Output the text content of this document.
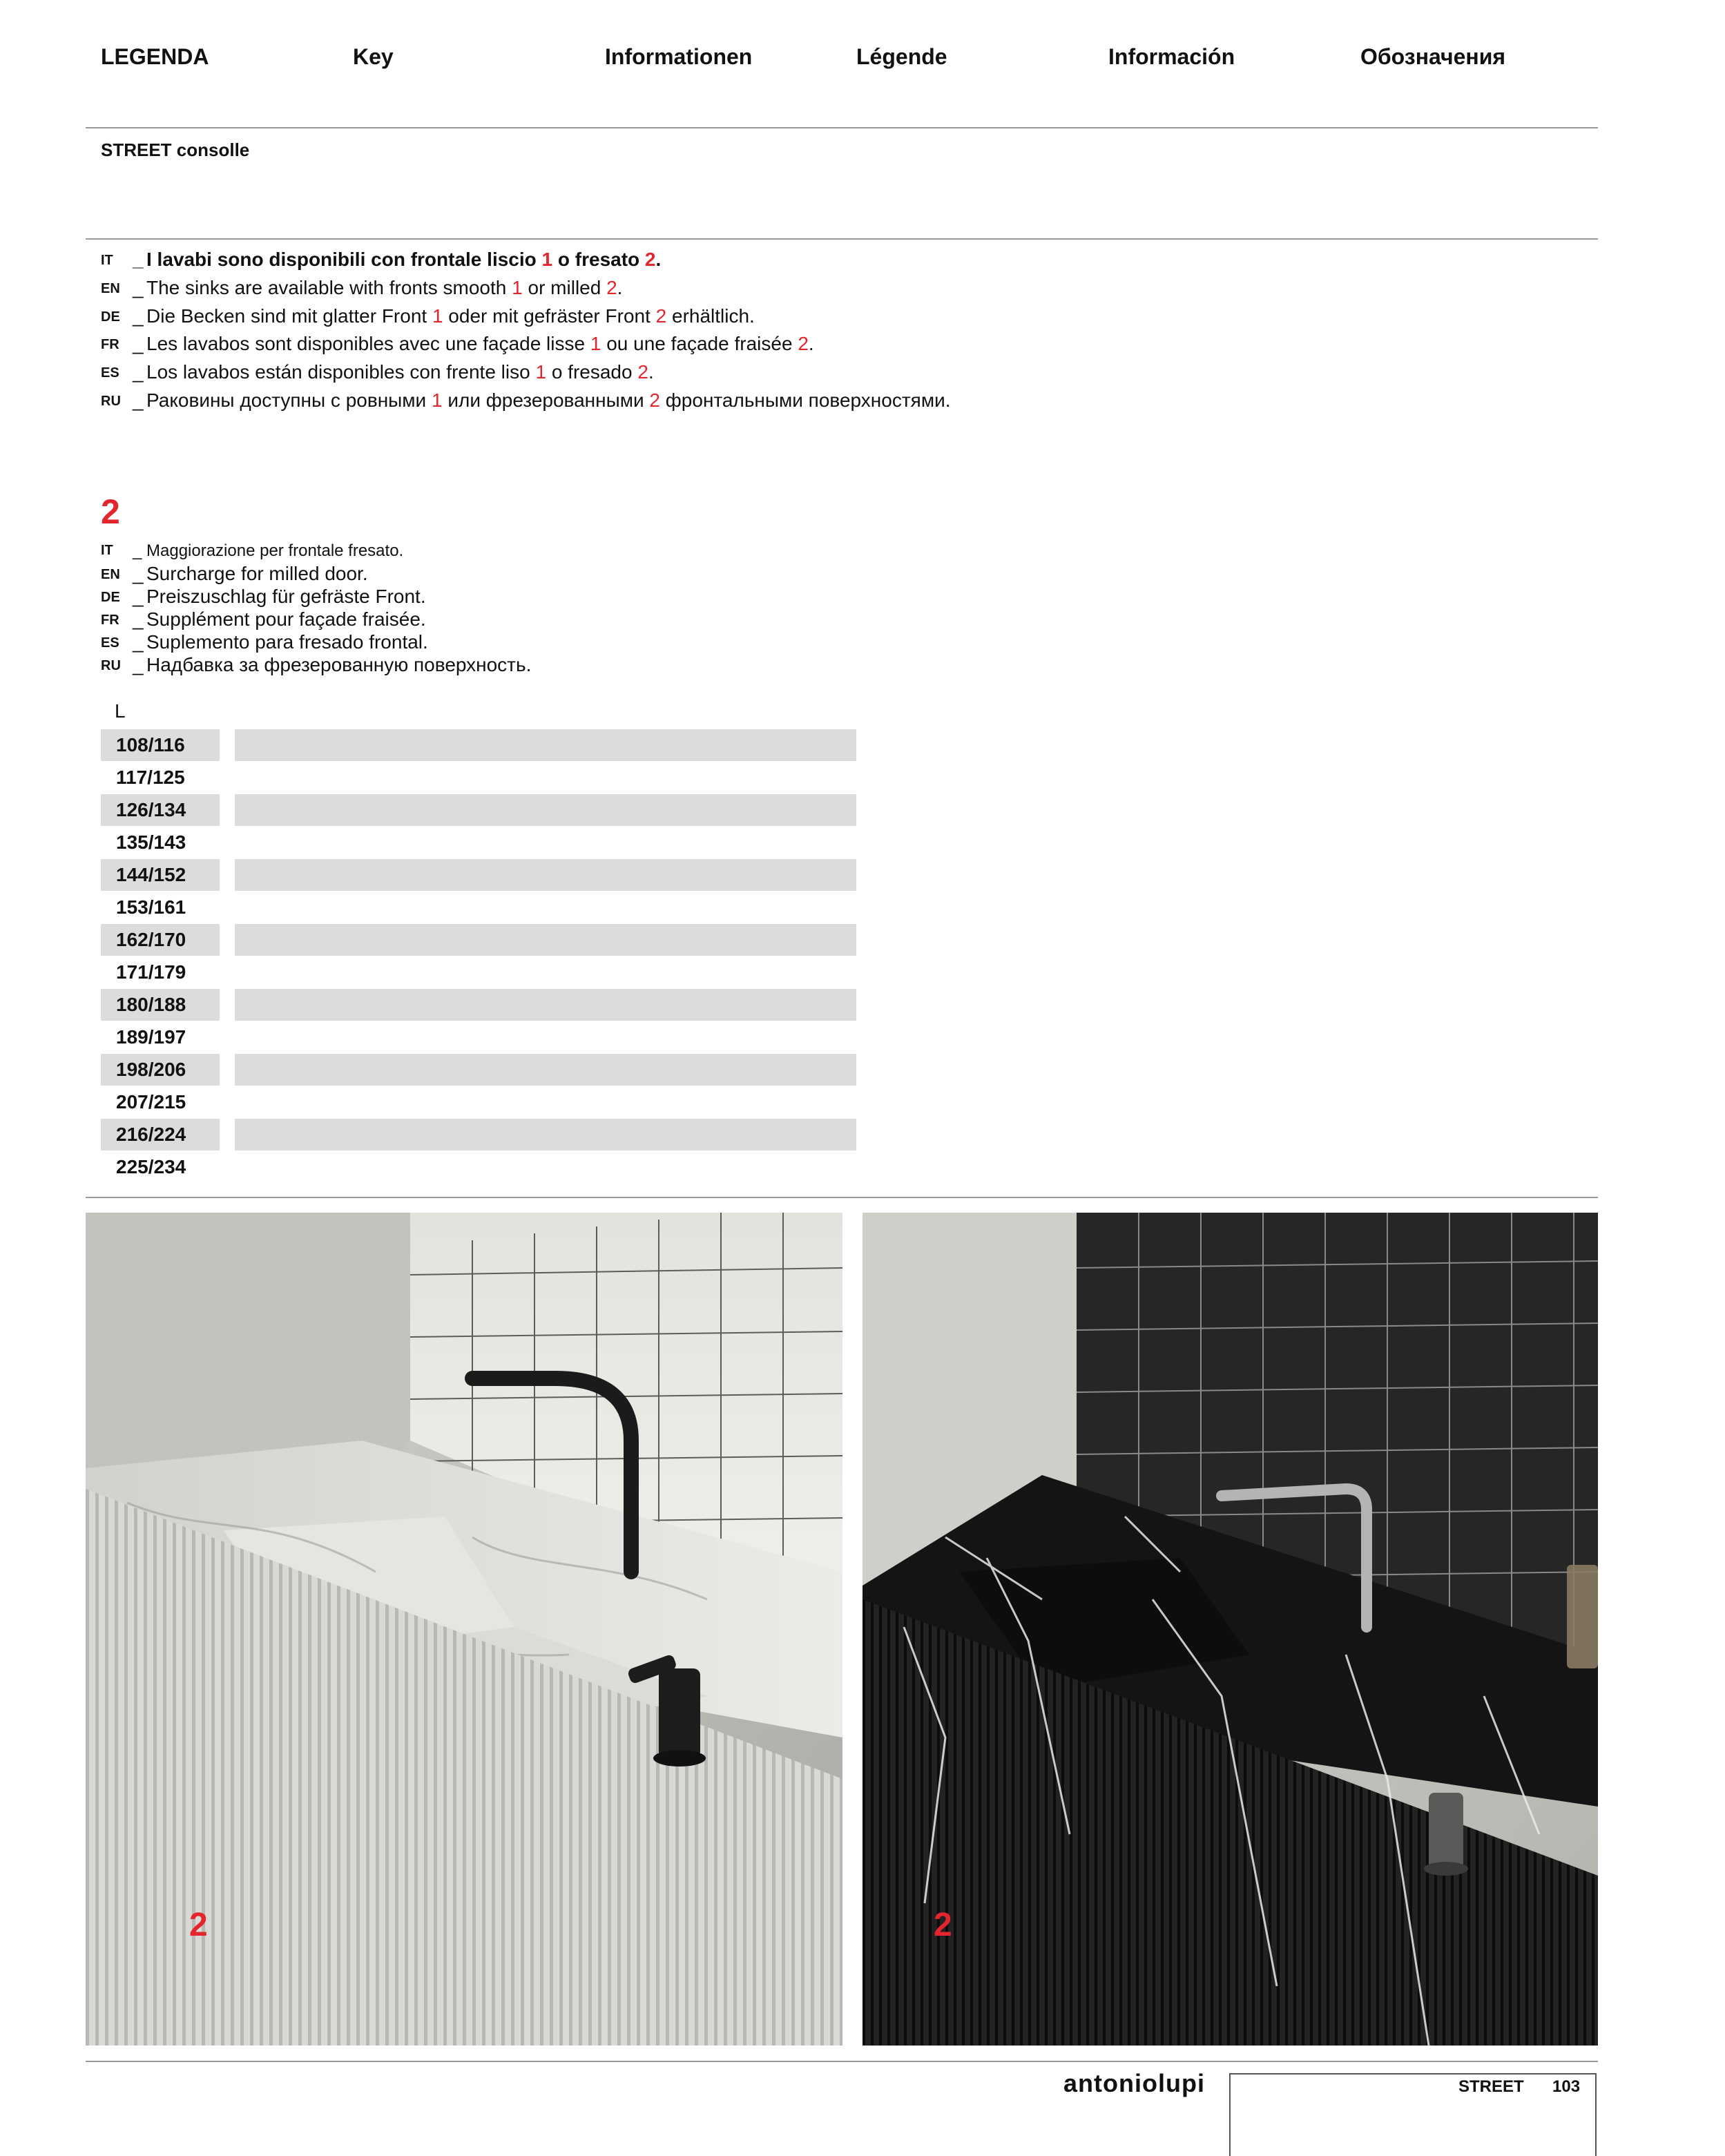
LEGENDA	Key	Informationen	Légende	Información	Обозначения
STREET consolle
IT _ I lavabi sono disponibili con frontale liscio 1 o fresato 2.
EN _ The sinks are available with fronts smooth 1 or milled 2.
DE _ Die Becken sind mit glatter Front 1 oder mit gefräster Front 2 erhältlich.
FR _ Les lavabos sont disponibles avec une façade lisse 1 ou une façade fraisée 2.
ES _ Los lavabos están disponibles con frente liso 1 o fresado 2.
RU _ Раковины доступны с ровными 1 или фрезерованными 2 фронтальными поверхностями.
2
IT _ Maggiorazione per frontale fresato.
EN _ Surcharge for milled door.
DE _ Preiszuschlag für gefräste Front.
FR _ Supplément pour façade fraisée.
ES _ Suplemento para fresado frontal.
RU _ Надбавка за фрезерованную поверхность.
L
108/116
117/125
126/134
135/143
144/152
153/161
162/170
171/179
180/188
189/197
198/206
207/215
216/224
225/234
2	2
antoniolupi	STREET 103
